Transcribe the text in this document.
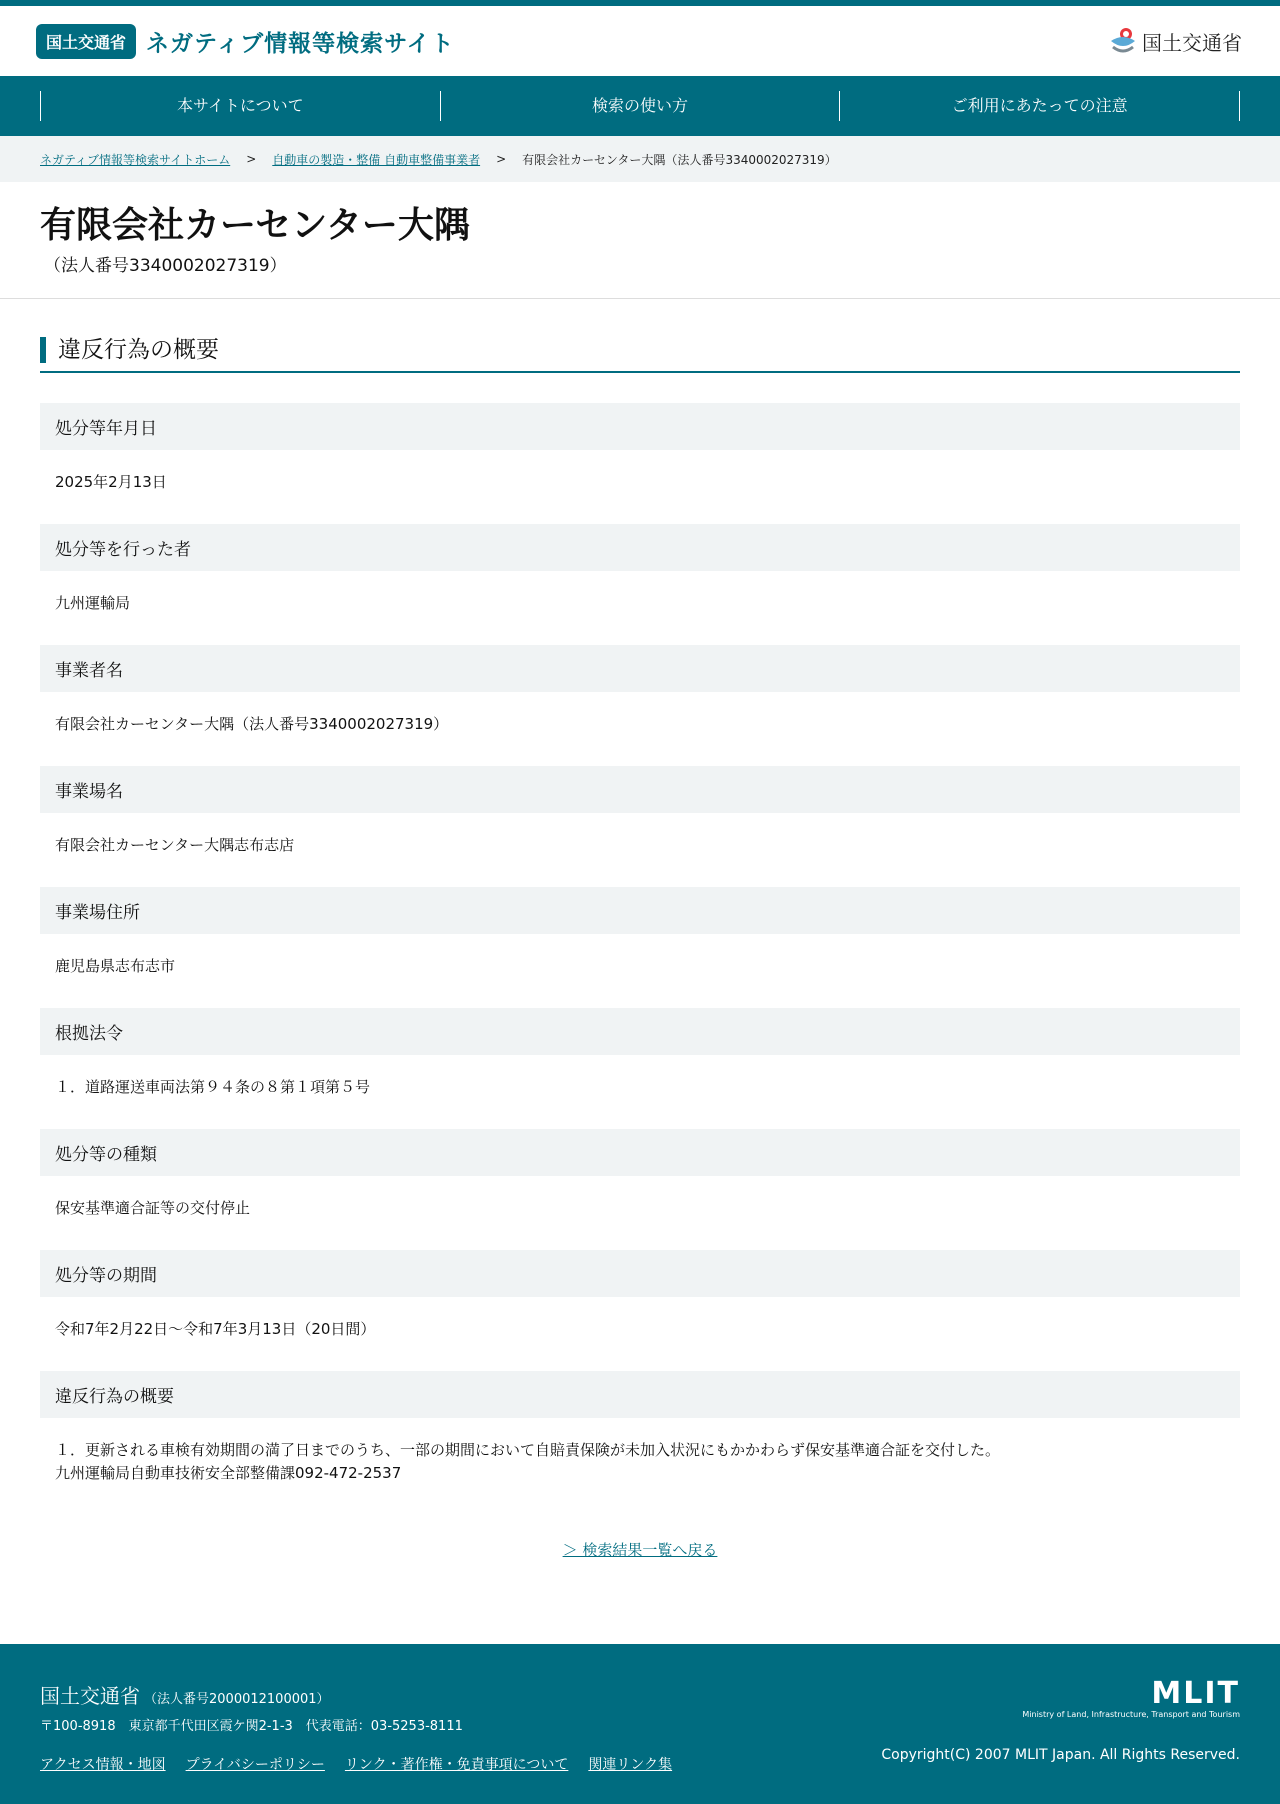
国土交通省 ネガティブ情報等検索サイト	国土交通省
本サイトについて	検索の使い方	ご利用にあたっての注意
ネガティブ情報等検索サイトホーム > 自動車の製造・整備 自動車整備事業者 > 有限会社カーセンター大隅（法人番号3340002027319）
有限会社カーセンター大隅
（法人番号3340002027319）
違反行為の概要
処分等年月日
2025年2月13日
処分等を行った者
九州運輸局
事業者名
有限会社カーセンター大隅（法人番号3340002027319）
事業場名
有限会社カーセンター大隅志布志店
事業場住所
鹿児島県志布志市
根拠法令
１．道路運送車両法第９４条の８第１項第５号
処分等の種類
保安基準適合証等の交付停止
処分等の期間
令和7年2月22日～令和7年3月13日（20日間）
違反行為の概要
１．更新される車検有効期間の満了日までのうち、一部の期間において自賠責保険が未加入状況にもかかわらず保安基準適合証を交付した。
九州運輸局自動車技術安全部整備課092-472-2537
＞ 検索結果一覧へ戻る
国土交通省 （法人番号2000012100001）
〒100-8918　東京都千代田区霞ケ関2-1-3　代表電話：03-5253-8111
アクセス情報・地図 プライバシーポリシー リンク・著作権・免責事項について 関連リンク集
MLIT
Ministry of Land, Infrastructure, Transport and Tourism
Copyright(C) 2007 MLIT Japan. All Rights Reserved.
